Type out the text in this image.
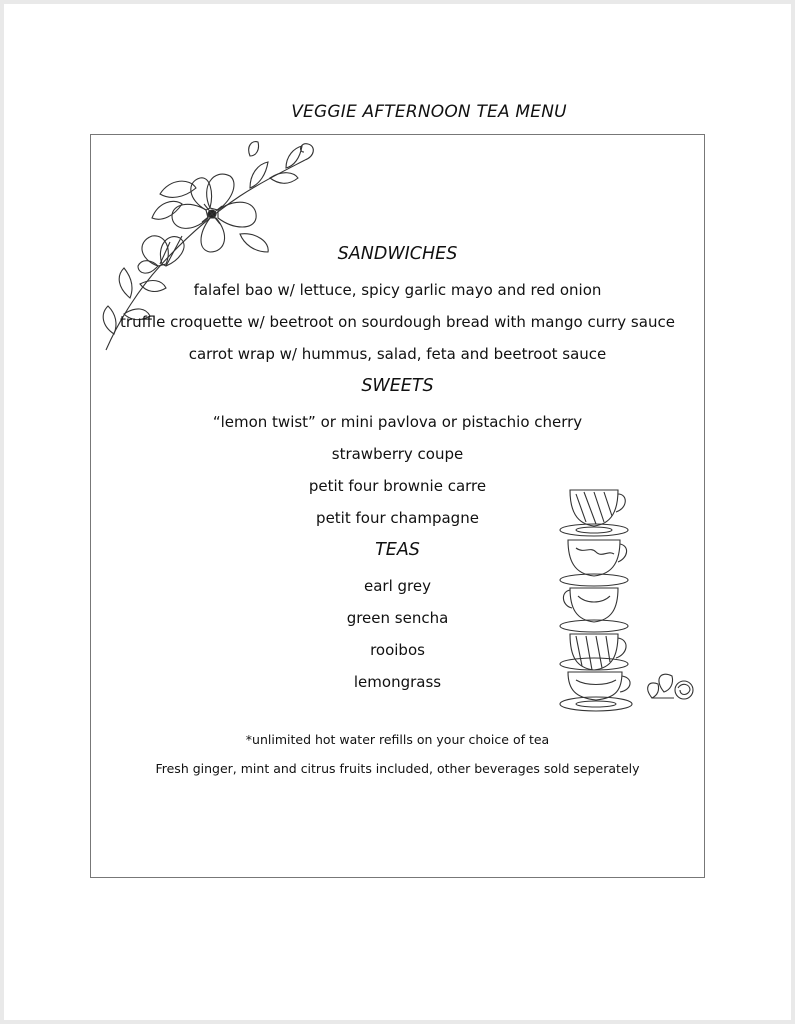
VEGGIE AFTERNOON TEA MENU
SANDWICHES
falafel bao w/ lettuce, spicy garlic mayo and red onion
truffle croquette w/ beetroot on sourdough bread with mango curry sauce
carrot wrap w/ hummus, salad, feta and beetroot sauce
SWEETS
“lemon twist” or mini pavlova or pistachio cherry
strawberry coupe
petit four brownie carre
petit four champagne
TEAS
earl grey
green sencha
rooibos
lemongrass
*unlimited hot water refills on your choice of tea
Fresh ginger, mint and citrus fruits included, other beverages sold seperately
